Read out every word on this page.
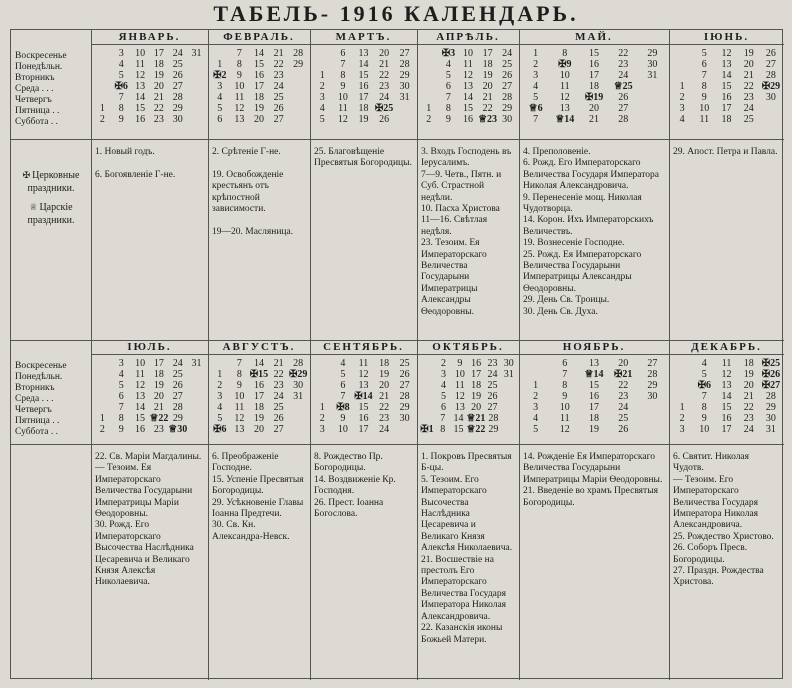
ТАБЕЛЬ- 1916 КАЛЕНДАРЬ.
Воскресенье
Понедѣльн.
Вторникъ
Среда . . .
Четвергъ
Пятница . .
Суббота . .
Воскресенье
Понедѣльн.
Вторникъ
Среда . . .
Четвергъ
Пятница . .
Суббота . .
✠ Церковные праздники.
♕ Царскіе праздники.
ЯНВАРЬ.
3	10 17 24 31
4	11 18 25
5	12 19 26
✠6 13 20 27
7	14 21 28
1	8	15 22 29
2	9	16 23 30
1. Новый годъ.

6. Богоявленіе Г-не.
ФЕВРАЛЬ.
7	14 21 28
1	8	15 22 29
✠2	9	16 23
3	10 17 24
4	11 18 25
5	12 19 26
6	13 20 27
2. Срѣтеніе Г-не.

19. Освобожденіе крестьянъ отъ крѣпостной зависимости.

19—20. Масляница.
МАРТЪ.
6	13	20	27
7	14	21	28
1	8	15	22	29
2	9	16	23	30
3	10	17	24	31
4	11	18 ✠25
5	12	19	26
25. Благовѣщеніе Пресвятыя Богородицы.
АПРѢЛЬ.
✠3 10 17 24
4	11 18 25
5	12 19 26
6	13 20 27
7	14 21 28
1	8	15 22 29
2	9	16 ♕23 30
3. Входъ Господень въ Іерусалимъ.
7—9. Четв., Пятн. и Суб. Страстной недѣли.
10. Пасха Христова
11—16. Свѣтлая недѣля.
23. Тезоим. Ея Императорскаго Величества Государыни Императрицы Александры Ѳеодоровны.
МАЙ.
1	8	15	22	29
2	✠9	16	23	30
3	10	17	24	31
4	11	18	♕25
5	12	✠19	26
♕6	13	20	27
7	♕14	21	28
4. Преполовеніе.
6. Рожд. Его Императорскаго Величества Государя Императора Николая Александровича.
9. Перенесеніе мощ. Николая Чудотворца.
14. Корон. Ихъ Императорскихъ Величествъ.
19. Вознесеніе Господне.
25. Рожд. Ея Императорскаго Величества Государыни Императрицы Александры Ѳеодоровны.
29. День Св. Троицы.
30. День Св. Духа.
ІЮНЬ.
5	12	19	26
6	13	20	27
7	14	21	28
1	8	15	22 ✠29
2	9	16	23	30
3	10	17	24
4	11	18	25
29. Апост. Петра и Павла.
ІЮЛЬ.
3	10 17 24 31
4	11 18 25
5	12 19 26
6	13 20 27
7	14 21 28
1	8	15 ♕22 29
2	9	16 23 ♕30
22. Св. Маріи Магдалины.
— Тезоим. Ея Императорскаго Величества Государыни Императрицы Маріи Ѳеодоровны.
30. Рожд. Его Императорскаго Высочества Наслѣдника Цесаревича и Великаго Князя Алексѣя Николаевича.
АВГУСТЪ.
7	14 21 28
1	8 ✠15 22 ✠29
2	9	16 23 30
3	10 17 24 31
4	11 18 25
5	12 19 26
✠6 13 20 27
6. Преображеніе Господне.
15. Успеніе Пресвятыя Богородицы.
29. Усѣкновеніе Главы Іоанна Предтечи.
30. Св. Кн. Александра-Невск.
СЕНТЯБРЬ.
4	11	18	25
5	12	19	26
6	13	20	27
7 ✠14 21	28
1	✠8 15	22	29
2	9	16	23	30
3	10	17	24
8. Рождество Пр. Богородицы.
14. Воздвиженіе Кр. Господня.
26. Прест. Іоанна Богослова.
ОКТЯБРЬ.
2	9 16 23 30
3 10 17 24 31
4 11 18 25
5 12 19 26
6 13 20 27
7 14 ♕21 28
✠1 8 15 ♕22 29
1. Покровъ Пресвятыя Б-цы.
5. Тезоим. Его Императорскаго Высочества Наслѣдника Цесаревича и Великаго Князя Алексѣя Николаевича.
21. Восшествіе на престолъ Его Императорскаго Величества Государя Императора Николая Александровича.
22. Казанскія иконы Божьей Матери.
НОЯБРЬ.
6	13	20	27
7	♕14	✠21	28
1	8	15	22	29
2	9	16	23	30
3	10	17	24
4	11	18	25
5	12	19	26
14. Рожденіе Ея Императорскаго Величества Государыни Императрицы Маріи Ѳеодоровны.
21. Введеніе во храмъ Пресвятыя Богородицы.
ДЕКАБРЬ.
4	11	18 ✠25
5	12	19 ✠26
✠6	13	20 ✠27
7	14	21	28
1	8	15	22	29
2	9	16	23	30
3	10	17	24	31
6. Святит. Николая Чудотв.
— Тезоим. Его Императорскаго Величества Государя Императора Николая Александровича.
25. Рождество Христово.
26. Соборъ Пресв. Богородицы.
27. Праздн. Рождества Христова.
